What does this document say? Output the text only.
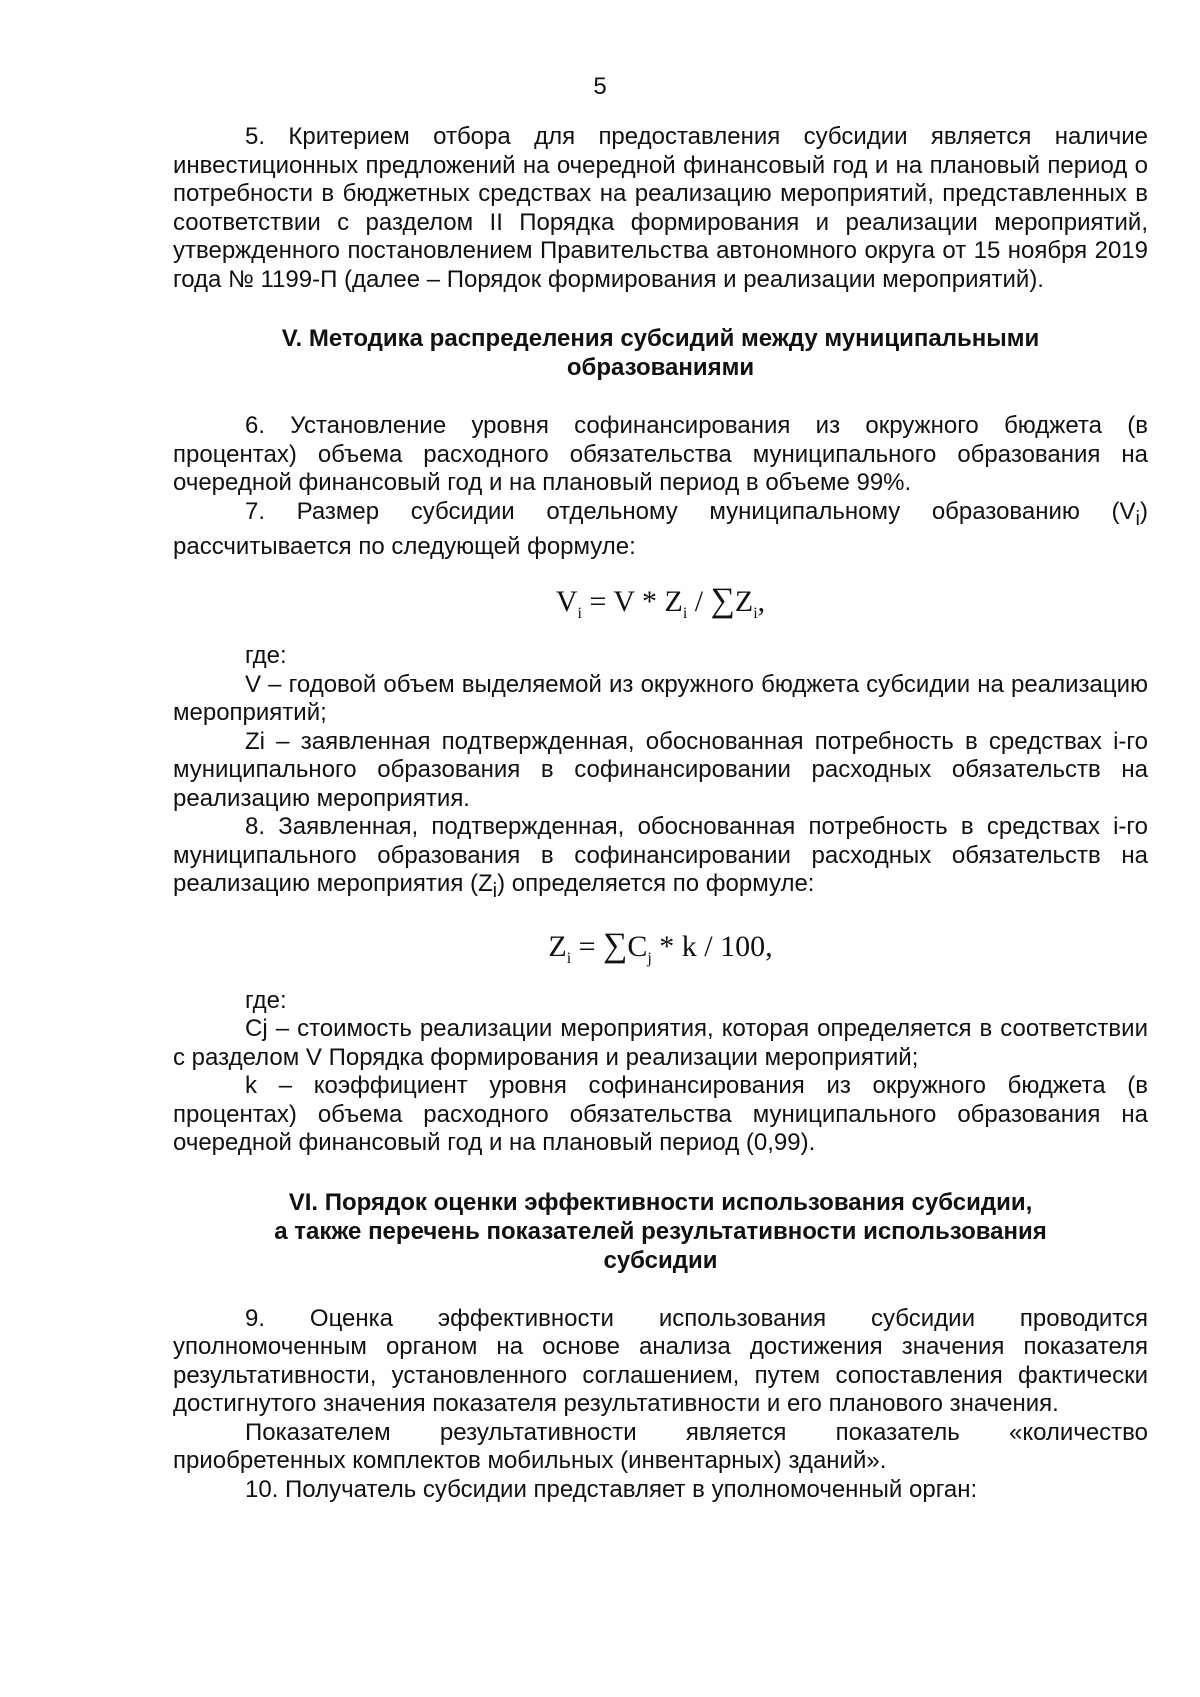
5

5. Критерием отбора для предоставления субсидии является наличие инвестиционных предложений на очередной финансовый год и на плановый период о потребности в бюджетных средствах на реализацию мероприятий, представленных в соответствии с разделом II Порядка формирования и реализации мероприятий, утвержденного постановлением Правительства автономного округа от 15 ноября 2019 года № 1199-П (далее – Порядок формирования и реализации мероприятий).

V. Методика распределения субсидий между муниципальными
образованиями

6. Установление уровня софинансирования из окружного бюджета (в процентах) объема расходного обязательства муниципального образования на очередной финансовый год и на плановый период в объеме 99%.

7. Размер субсидии отдельному муниципальному образованию $(V_i)$ рассчитывается по следующей формуле:

$V_i = V * Z_i / \sum Z_i$,

где:

V – годовой объем выделяемой из окружного бюджета субсидии на реализацию мероприятий;

Zi – заявленная подтвержденная, обоснованная потребность в средствах i-го муниципального образования в софинансировании расходных обязательств на реализацию мероприятия.

8. Заявленная, подтвержденная, обоснованная потребность в средствах i-го муниципального образования в софинансировании расходных обязательств на реализацию мероприятия $(Z_i)$ определяется по формуле:

$Z_i = \sum C_j * k / 100$,

где:

Cj – стоимость реализации мероприятия, которая определяется в соответствии с разделом V Порядка формирования и реализации мероприятий;

k – коэффициент уровня софинансирования из окружного бюджета (в процентах) объема расходного обязательства муниципального образования на очередной финансовый год и на плановый период (0,99).

VI. Порядок оценки эффективности использования субсидии,
а также перечень показателей результативности использования
субсидии

9. Оценка эффективности использования субсидии проводится уполномоченным органом на основе анализа достижения значения показателя результативности, установленного соглашением, путем сопоставления фактически достигнутого значения показателя результативности и его планового значения.

Показателем результативности является показатель «количество приобретенных комплектов мобильных (инвентарных) зданий».

10. Получатель субсидии представляет в уполномоченный орган:
